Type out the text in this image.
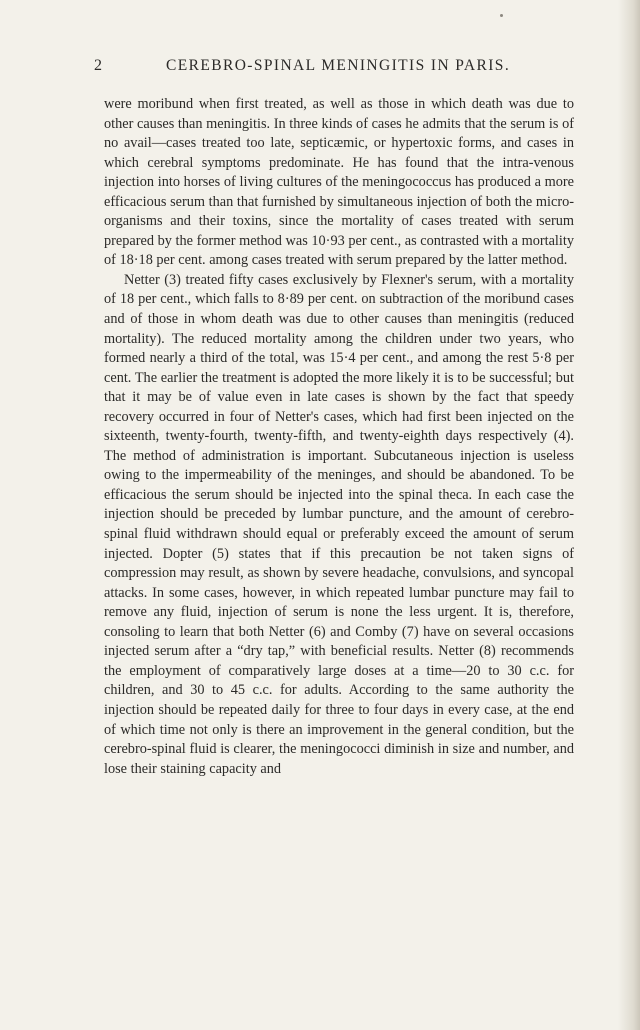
2	CEREBRO-SPINAL MENINGITIS IN PARIS.

were moribund when first treated, as well as those in which death was due to other causes than meningitis. In three kinds of cases he admits that the serum is of no avail—cases treated too late, septicæmic, or hypertoxic forms, and cases in which cerebral symptoms predominate. He has found that the intra-venous injection into horses of living cultures of the meningococcus has produced a more efficacious serum than that furnished by simultaneous injection of both the micro-organisms and their toxins, since the mortality of cases treated with serum prepared by the former method was 10·93 per cent., as contrasted with a mortality of 18·18 per cent. among cases treated with serum prepared by the latter method.

Netter (3) treated fifty cases exclusively by Flexner's serum, with a mortality of 18 per cent., which falls to 8·89 per cent. on subtraction of the moribund cases and of those in whom death was due to other causes than meningitis (reduced mortality). The reduced mortality among the children under two years, who formed nearly a third of the total, was 15·4 per cent., and among the rest 5·8 per cent. The earlier the treatment is adopted the more likely it is to be successful; but that it may be of value even in late cases is shown by the fact that speedy recovery occurred in four of Netter's cases, which had first been injected on the sixteenth, twenty-fourth, twenty-fifth, and twenty-eighth days respectively (4). The method of administration is important. Subcutaneous injection is useless owing to the impermeability of the meninges, and should be abandoned. To be efficacious the serum should be injected into the spinal theca. In each case the injection should be preceded by lumbar puncture, and the amount of cerebro-spinal fluid withdrawn should equal or preferably exceed the amount of serum injected. Dopter (5) states that if this precaution be not taken signs of compression may result, as shown by severe headache, convulsions, and syncopal attacks. In some cases, however, in which repeated lumbar puncture may fail to remove any fluid, injection of serum is none the less urgent. It is, therefore, consoling to learn that both Netter (6) and Comby (7) have on several occasions injected serum after a “dry tap,” with beneficial results. Netter (8) recommends the employment of comparatively large doses at a time—20 to 30 c.c. for children, and 30 to 45 c.c. for adults. According to the same authority the injection should be repeated daily for three to four days in every case, at the end of which time not only is there an improvement in the general condition, but the cerebro-spinal fluid is clearer, the meningococci diminish in size and number, and lose their staining capacity and
